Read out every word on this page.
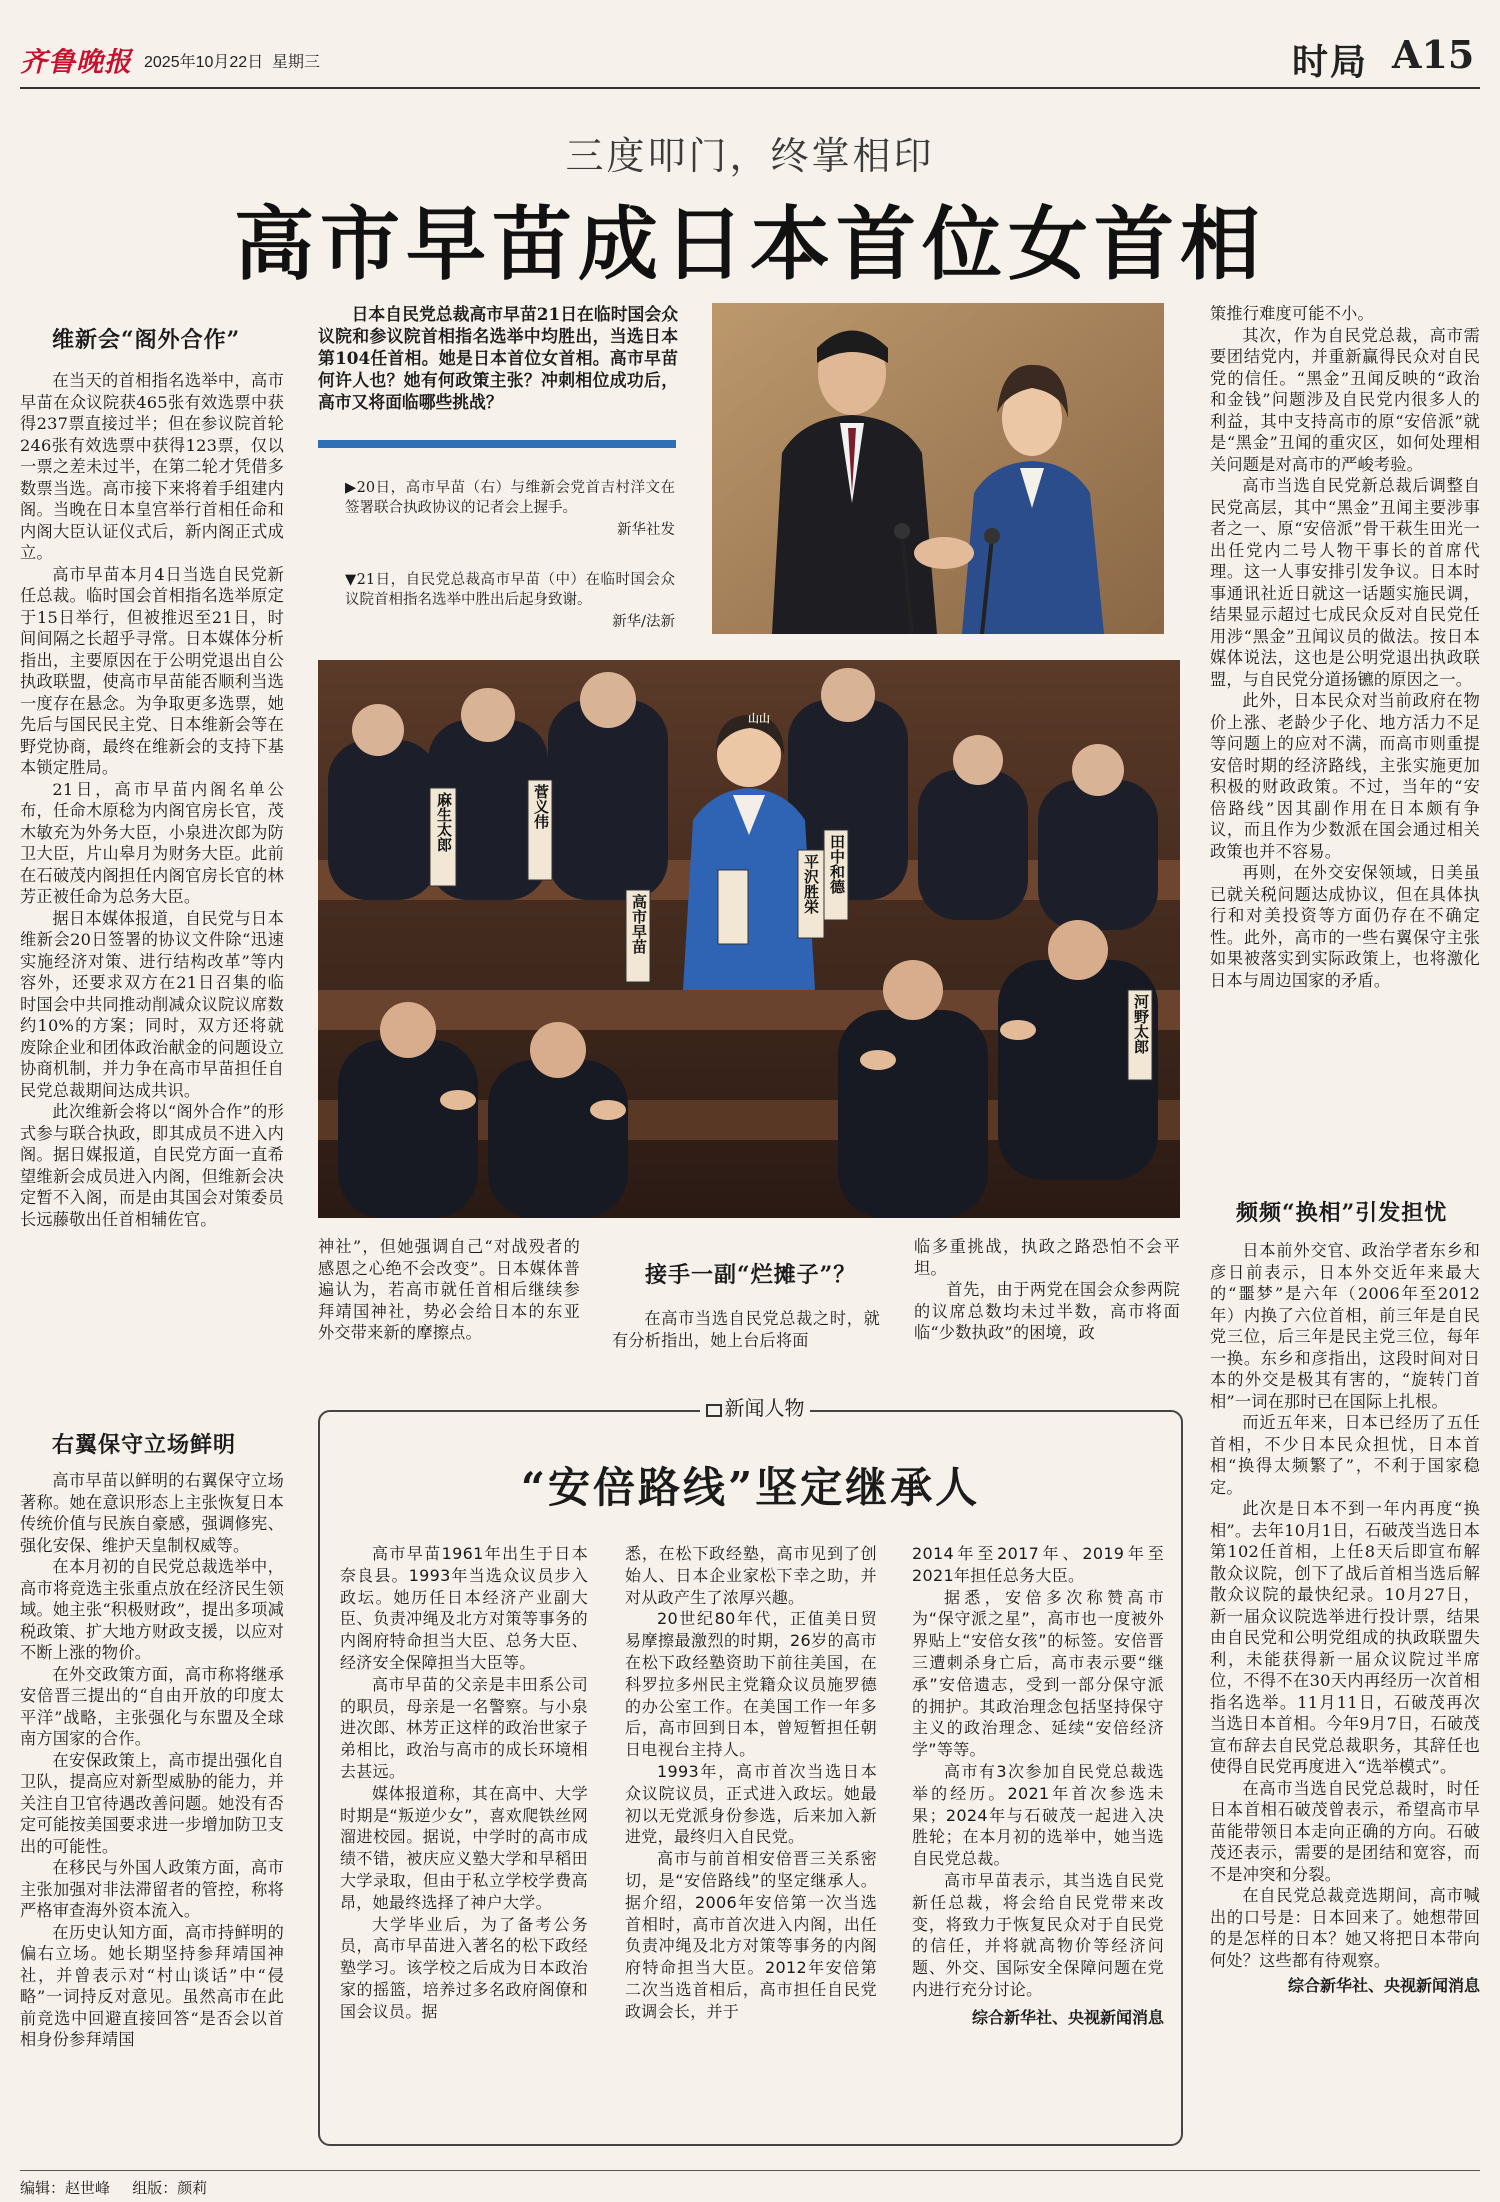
齐鲁晚报 2025年10月22日 星期三	时局 A15
三度叩门，终掌相印
高市早苗成日本首位女首相
维新会“阁外合作”

在当天的首相指名选举中，高市早苗在众议院获465张有效选票中获得237票直接过半；但在参议院首轮246张有效选票中获得123票，仅以一票之差未过半，在第二轮才凭借多数票当选。高市接下来将着手组建内阁。当晚在日本皇宫举行首相任命和内阁大臣认证仪式后，新内阁正式成立。

高市早苗本月4日当选自民党新任总裁。临时国会首相指名选举原定于15日举行，但被推迟至21日，时间间隔之长超乎寻常。日本媒体分析指出，主要原因在于公明党退出自公执政联盟，使高市早苗能否顺利当选一度存在悬念。为争取更多选票，她先后与国民民主党、日本维新会等在野党协商，最终在维新会的支持下基本锁定胜局。

21日，高市早苗内阁名单公布，任命木原稔为内阁官房长官，茂木敏充为外务大臣，小泉进次郎为防卫大臣，片山皋月为财务大臣。此前在石破茂内阁担任内阁官房长官的林芳正被任命为总务大臣。

据日本媒体报道，自民党与日本维新会20日签署的协议文件除“迅速实施经济对策、进行结构改革”等内容外，还要求双方在21日召集的临时国会中共同推动削减众议院议席数约10%的方案；同时，双方还将就废除企业和团体政治献金的问题设立协商机制，并力争在高市早苗担任自民党总裁期间达成共识。

此次维新会将以“阁外合作”的形式参与联合执政，即其成员不进入内阁。据日媒报道，自民党方面一直希望维新会成员进入内阁，但维新会决定暂不入阁，而是由其国会对策委员长远藤敬出任首相辅佐官。

右翼保守立场鲜明

高市早苗以鲜明的右翼保守立场著称。她在意识形态上主张恢复日本传统价值与民族自豪感，强调修宪、强化安保、维护天皇制权威等。

在本月初的自民党总裁选举中，高市将竞选主张重点放在经济民生领域。她主张“积极财政”，提出多项减税政策、扩大地方财政支援，以应对不断上涨的物价。

在外交政策方面，高市称将继承安倍晋三提出的“自由开放的印度太平洋”战略，主张强化与东盟及全球南方国家的合作。

在安保政策上，高市提出强化自卫队，提高应对新型威胁的能力，并关注自卫官待遇改善问题。她没有否定可能按美国要求进一步增加防卫支出的可能性。

在移民与外国人政策方面，高市主张加强对非法滞留者的管控，称将严格审查海外资本流入。

在历史认知方面，高市持鲜明的偏右立场。她长期坚持参拜靖国神社，并曾表示对“村山谈话”中“侵略”一词持反对意见。虽然高市在此前竞选中回避直接回答“是否会以首相身份参拜靖国

日本自民党总裁高市早苗21日在临时国会众议院和参议院首相指名选举中均胜出，当选日本第104任首相。她是日本首位女首相。高市早苗何许人也？她有何政策主张？冲刺相位成功后，高市又将面临哪些挑战？

▶20日，高市早苗（右）与维新会党首吉村洋文在签署联合执政协议的记者会上握手。

新华社发

▼21日，自民党总裁高市早苗（中）在临时国会众议院首相指名选举中胜出后起身致谢。

新华/法新
山山
麻生太郎	菅义伟
高市早苗
平沢胜栄 田中和德
河野太郎

神社”，但她强调自己“对战殁者的感恩之心绝不会改变”。日本媒体普遍认为，若高市就任首相后继续参拜靖国神社，势必会给日本的东亚外交带来新的摩擦点。

接手一副“烂摊子”？

在高市当选自民党总裁之时，就有分析指出，她上台后将面

临多重挑战，执政之路恐怕不会平坦。

首先，由于两党在国会众参两院的议席总数均未过半数，高市将面临“少数执政”的困境，政

新闻人物
“安倍路线”坚定继承人

高市早苗1961年出生于日本奈良县。1993年当选众议员步入政坛。她历任日本经济产业副大臣、负责冲绳及北方对策等事务的内阁府特命担当大臣、总务大臣、经济安全保障担当大臣等。

高市早苗的父亲是丰田系公司的职员，母亲是一名警察。与小泉进次郎、林芳正这样的政治世家子弟相比，政治与高市的成长环境相去甚远。

媒体报道称，其在高中、大学时期是“叛逆少女”，喜欢爬铁丝网溜进校园。据说，中学时的高市成绩不错，被庆应义塾大学和早稻田大学录取，但由于私立学校学费高昂，她最终选择了神户大学。

大学毕业后，为了备考公务员，高市早苗进入著名的松下政经塾学习。该学校之后成为日本政治家的摇篮，培养过多名政府阁僚和国会议员。据

悉，在松下政经塾，高市见到了创始人、日本企业家松下幸之助，并对从政产生了浓厚兴趣。

20世纪80年代，正值美日贸易摩擦最激烈的时期，26岁的高市在松下政经塾资助下前往美国，在科罗拉多州民主党籍众议员施罗德的办公室工作。在美国工作一年多后，高市回到日本，曾短暂担任朝日电视台主持人。

1993年，高市首次当选日本众议院议员，正式进入政坛。她最初以无党派身份参选，后来加入新进党，最终归入自民党。

高市与前首相安倍晋三关系密切，是“安倍路线”的坚定继承人。据介绍，2006年安倍第一次当选首相时，高市首次进入内阁，出任负责冲绳及北方对策等事务的内阁府特命担当大臣。2012年安倍第二次当选首相后，高市担任自民党政调会长，并于

2014年至2017年、2019年至2021年担任总务大臣。

据悉，安倍多次称赞高市为“保守派之星”，高市也一度被外界贴上“安倍女孩”的标签。安倍晋三遭刺杀身亡后，高市表示要“继承”安倍遗志，受到一部分保守派的拥护。其政治理念包括坚持保守主义的政治理念、延续“安倍经济学”等等。

高市有3次参加自民党总裁选举的经历。2021年首次参选未果；2024年与石破茂一起进入决胜轮；在本月初的选举中，她当选自民党总裁。

高市早苗表示，其当选自民党新任总裁，将会给自民党带来改变，将致力于恢复民众对于自民党的信任，并将就高物价等经济问题、外交、国际安全保障问题在党内进行充分讨论。

综合新华社、央视新闻消息

策推行难度可能不小。

其次，作为自民党总裁，高市需要团结党内，并重新赢得民众对自民党的信任。“黑金”丑闻反映的“政治和金钱”问题涉及自民党内很多人的利益，其中支持高市的原“安倍派”就是“黑金”丑闻的重灾区，如何处理相关问题是对高市的严峻考验。

高市当选自民党新总裁后调整自民党高层，其中“黑金”丑闻主要涉事者之一、原“安倍派”骨干萩生田光一出任党内二号人物干事长的首席代理。这一人事安排引发争议。日本时事通讯社近日就这一话题实施民调，结果显示超过七成民众反对自民党任用涉“黑金”丑闻议员的做法。按日本媒体说法，这也是公明党退出执政联盟，与自民党分道扬镳的原因之一。

此外，日本民众对当前政府在物价上涨、老龄少子化、地方活力不足等问题上的应对不满，而高市则重提安倍时期的经济路线，主张实施更加积极的财政政策。不过，当年的“安倍路线”因其副作用在日本颇有争议，而且作为少数派在国会通过相关政策也并不容易。

再则，在外交安保领域，日美虽已就关税问题达成协议，但在具体执行和对美投资等方面仍存在不确定性。此外，高市的一些右翼保守主张如果被落实到实际政策上，也将激化日本与周边国家的矛盾。

频频“换相”引发担忧

日本前外交官、政治学者东乡和彦日前表示，日本外交近年来最大的“噩梦”是六年（2006年至2012年）内换了六位首相，前三年是自民党三位，后三年是民主党三位，每年一换。东乡和彦指出，这段时间对日本的外交是极其有害的，“旋转门首相”一词在那时已在国际上扎根。

而近五年来，日本已经历了五任首相，不少日本民众担忧，日本首相“换得太频繁了”，不利于国家稳定。

此次是日本不到一年内再度“换相”。去年10月1日，石破茂当选日本第102任首相，上任8天后即宣布解散众议院，创下了战后首相当选后解散众议院的最快纪录。10月27日，新一届众议院选举进行投计票，结果由自民党和公明党组成的执政联盟失利，未能获得新一届众议院过半席位，不得不在30天内再经历一次首相指名选举。11月11日，石破茂再次当选日本首相。今年9月7日，石破茂宣布辞去自民党总裁职务，其辞任也使得自民党再度进入“选举模式”。

在高市当选自民党总裁时，时任日本首相石破茂曾表示，希望高市早苗能带领日本走向正确的方向。石破茂还表示，需要的是团结和宽容，而不是冲突和分裂。

在自民党总裁竞选期间，高市喊出的口号是：日本回来了。她想带回的是怎样的日本？她又将把日本带向何处？这些都有待观察。

综合新华社、央视新闻消息
编辑：赵世峰 组版：颜莉
